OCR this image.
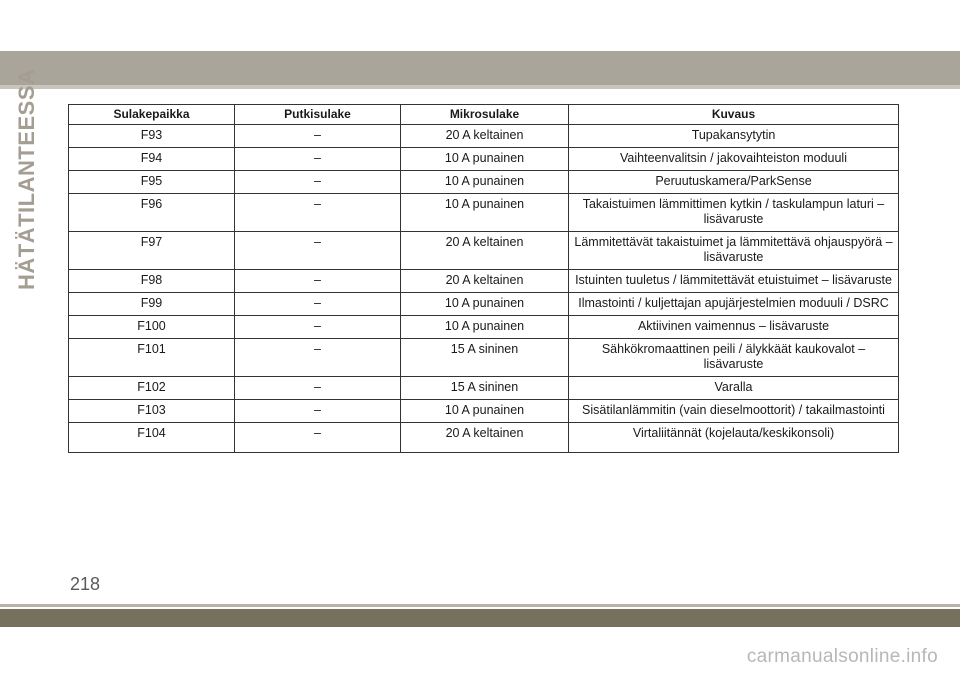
HÄTÄTILANTEESSA	Sulakepaikka	Putkisulake	Mikrosulake	Kuvaus
F93	–	20 A keltainen	Tupakansytytin
F94	–	10 A punainen	Vaihteenvalitsin / jakovaihteiston moduuli
F95	–	10 A punainen	Peruutuskamera/ParkSense
F96	–	10 A punainen	Takaistuimen lämmittimen kytkin / taskulampun laturi – lisävaruste
F97	–	20 A keltainen	Lämmitettävät takaistuimet ja lämmitettävä ohjauspyörä – lisävaruste
F98	–	20 A keltainen	Istuinten tuuletus / lämmitettävät etuistuimet – lisävaruste
F99	–	10 A punainen	Ilmastointi / kuljettajan apujärjestelmien moduuli / DSRC
F100	–	10 A punainen	Aktiivinen vaimennus – lisävaruste
F101	–	15 A sininen	Sähkökromaattinen peili / älykkäät kaukovalot – lisävaruste
F102	–	15 A sininen	Varalla
F103	–	10 A punainen	Sisätilanlämmitin (vain dieselmoottorit) / takailmastointi
F104	–	20 A keltainen	Virtaliitännät (kojelauta/keskikonsoli)
218
carmanualsonline.info
